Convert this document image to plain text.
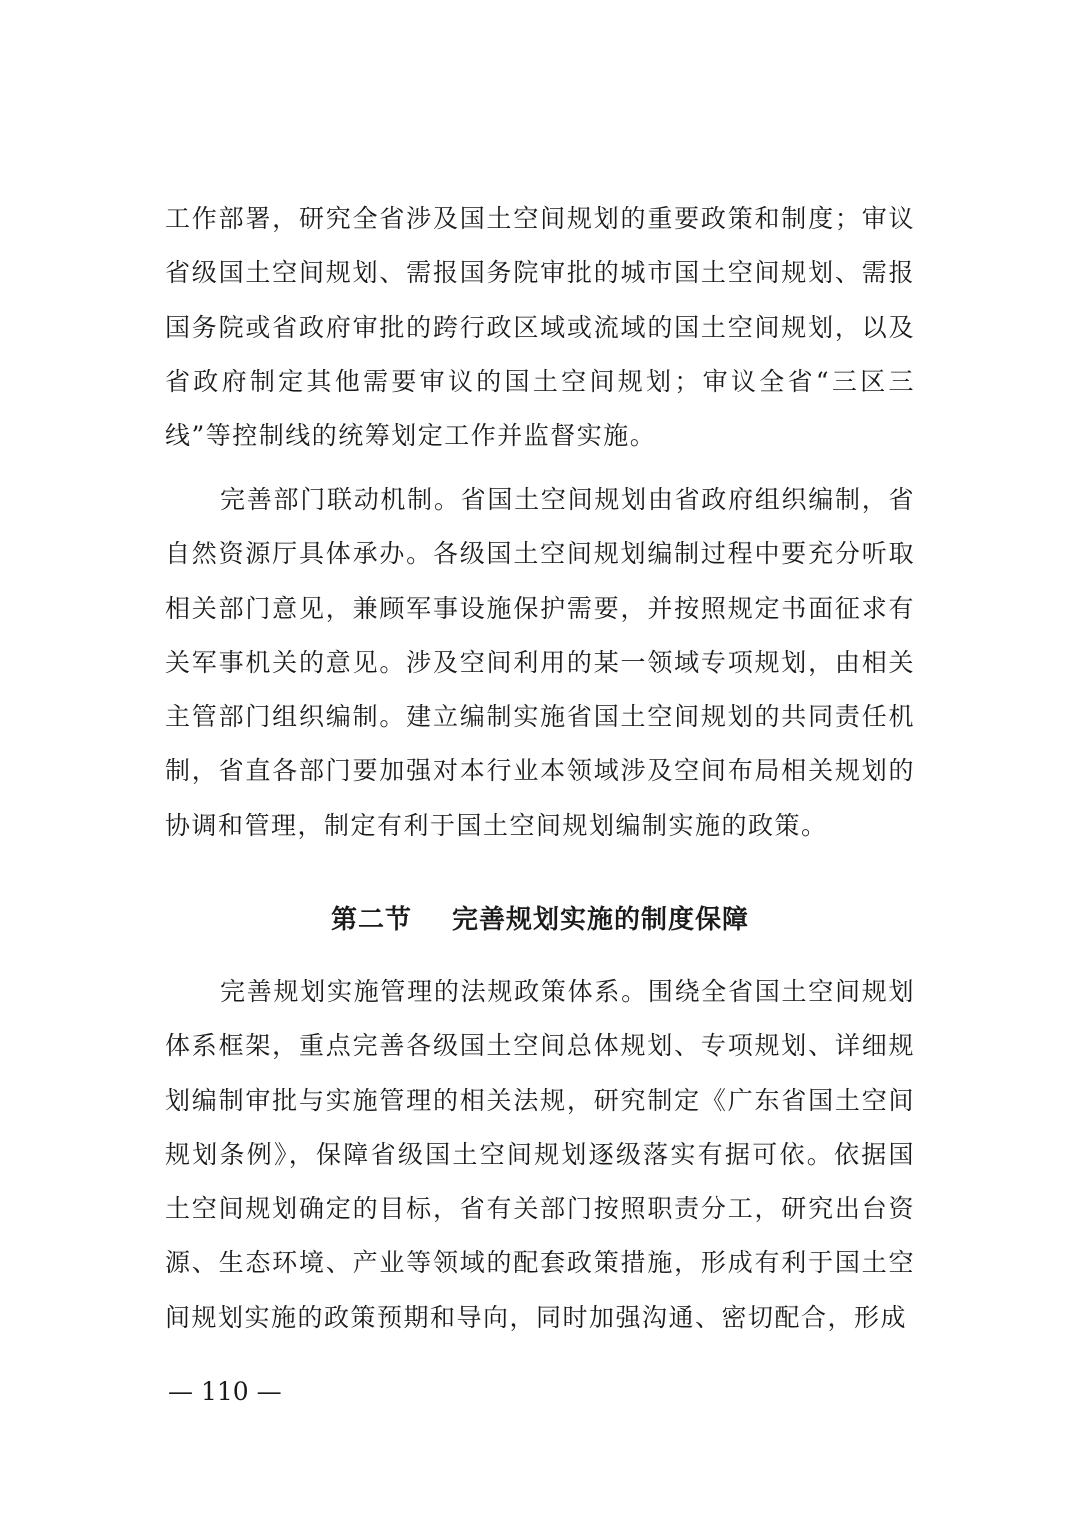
工作部署，研究全省涉及国土空间规划的重要政策和制度；审议省级国土空间规划、需报国务院审批的城市国土空间规划、需报国务院或省政府审批的跨行政区域或流域的国土空间规划，以及省政府制定其他需要审议的国土空间规划；审议全省“三区三线”等控制线的统筹划定工作并监督实施。

完善部门联动机制。省国土空间规划由省政府组织编制，省自然资源厅具体承办。各级国土空间规划编制过程中要充分听取相关部门意见，兼顾军事设施保护需要，并按照规定书面征求有关军事机关的意见。涉及空间利用的某一领域专项规划，由相关主管部门组织编制。建立编制实施省国土空间规划的共同责任机制，省直各部门要加强对本行业本领域涉及空间布局相关规划的协调和管理，制定有利于国土空间规划编制实施的政策。

第二节 完善规划实施的制度保障

完善规划实施管理的法规政策体系。围绕全省国土空间规划体系框架，重点完善各级国土空间总体规划、专项规划、详细规划编制审批与实施管理的相关法规，研究制定《广东省国土空间规划条例》，保障省级国土空间规划逐级落实有据可依。依据国土空间规划确定的目标，省有关部门按照职责分工，研究出台资源、生态环境、产业等领域的配套政策措施，形成有利于国土空间规划实施的政策预期和导向，同时加强沟通、密切配合，形成

— 110 —
